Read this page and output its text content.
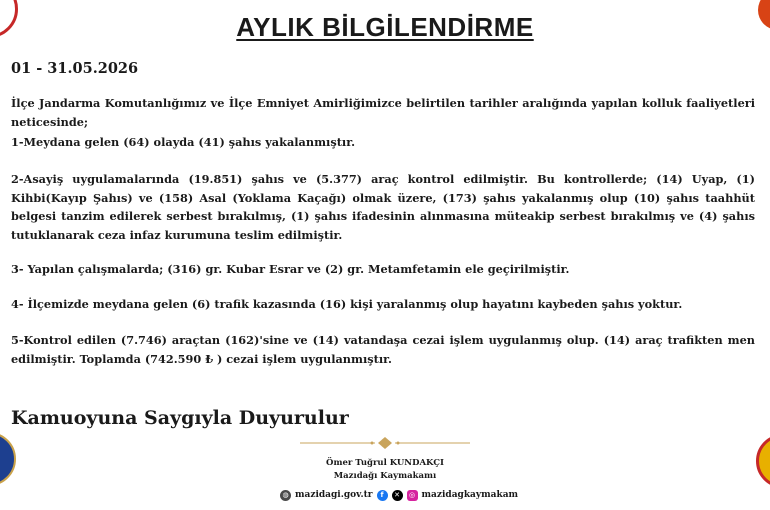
AYLIK BİLGİLENDİRME
01 - 31.05.2026
İlçe Jandarma Komutanlığımız ve İlçe Emniyet Amirliğimizce belirtilen tarihler aralığında yapılan kolluk faaliyetleri neticesinde;
1-Meydana gelen (64) olayda (41) şahıs yakalanmıştır.
2-Asayiş uygulamalarında (19.851) şahıs ve (5.377) araç kontrol edilmiştir. Bu kontrollerde; (14) Uyap, (1) Kihbi(Kayıp Şahıs) ve (158) Asal (Yoklama Kaçağı) olmak üzere, (173) şahıs yakalanmış olup (10) şahıs taahhüt belgesi tanzim edilerek serbest bırakılmış, (1) şahıs ifadesinin alınmasına müteakip serbest bırakılmış ve (4) şahıs tutuklanarak ceza infaz kurumuna teslim edilmiştir.
3- Yapılan çalışmalarda; (316) gr. Kubar Esrar ve (2) gr. Metamfetamin ele geçirilmiştir.
4- İlçemizde meydana gelen (6) trafik kazasında (16) kişi yaralanmış olup hayatını kaybeden şahıs yoktur.
5-Kontrol edilen (7.746) araçtan (162)'sine ve (14) vatandaşa cezai işlem uygulanmış olup. (14) araç trafikten men edilmiştir. Toplamda (742.590 ₺ ) cezai işlem uygulanmıştır.
Kamuoyuna Saygıyla Duyurulur
Ömer Tuğrul KUNDAKÇI
Mazıdağı Kaymakamı
◍ mazidagi.gov.tr	f	✕	◎ mazidagkaymakam
